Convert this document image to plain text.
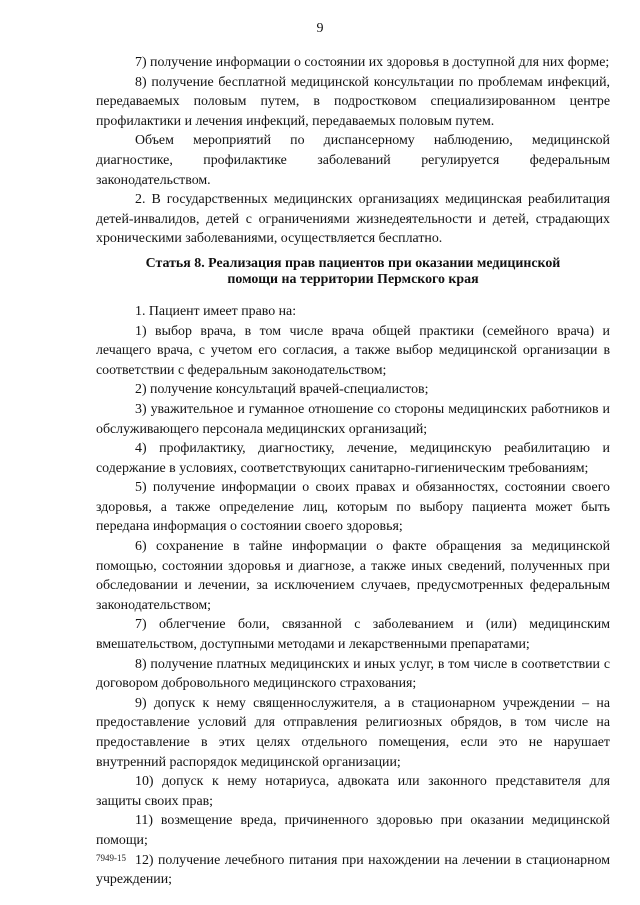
9

7) получение информации о состоянии их здоровья в доступной для них форме;

8) получение бесплатной медицинской консультации по проблемам инфекций, передаваемых половым путем, в подростковом специализированном центре профилактики и лечения инфекций, передаваемых половым путем.

Объем мероприятий по диспансерному наблюдению, медицинской диагностике, профилактике заболеваний регулируется федеральным законодательством.

2. В государственных медицинских организациях медицинская реабилитация детей-инвалидов, детей с ограничениями жизнедеятельности и детей, страдающих хроническими заболеваниями, осуществляется бесплатно.

Статья 8. Реализация прав пациентов при оказании медицинской
помощи на территории Пермского края

1. Пациент имеет право на:

1) выбор врача, в том числе врача общей практики (семейного врача) и лечащего врача, с учетом его согласия, а также выбор медицинской организации в соответствии с федеральным законодательством;

2) получение консультаций врачей-специалистов;

3) уважительное и гуманное отношение со стороны медицинских работников и обслуживающего персонала медицинских организаций;

4) профилактику, диагностику, лечение, медицинскую реабилитацию и содержание в условиях, соответствующих санитарно-гигиеническим требованиям;

5) получение информации о своих правах и обязанностях, состоянии своего здоровья, а также определение лиц, которым по выбору пациента может быть передана информация о состоянии своего здоровья;

6) сохранение в тайне информации о факте обращения за медицинской помощью, состоянии здоровья и диагнозе, а также иных сведений, полученных при обследовании и лечении, за исключением случаев, предусмотренных федеральным законодательством;

7) облегчение боли, связанной с заболеванием и (или) медицинским вмешательством, доступными методами и лекарственными препаратами;

8) получение платных медицинских и иных услуг, в том числе в соответствии с договором добровольного медицинского страхования;

9) допуск к нему священнослужителя, а в стационарном учреждении – на предоставление условий для отправления религиозных обрядов, в том числе на предоставление в этих целях отдельного помещения, если это не нарушает внутренний распорядок медицинской организации;

10) допуск к нему нотариуса, адвоката или законного представителя для защиты своих прав;

11) возмещение вреда, причиненного здоровью при оказании медицинской помощи;

12) получение лечебного питания при нахождении на лечении в стационарном учреждении;

7949-15
